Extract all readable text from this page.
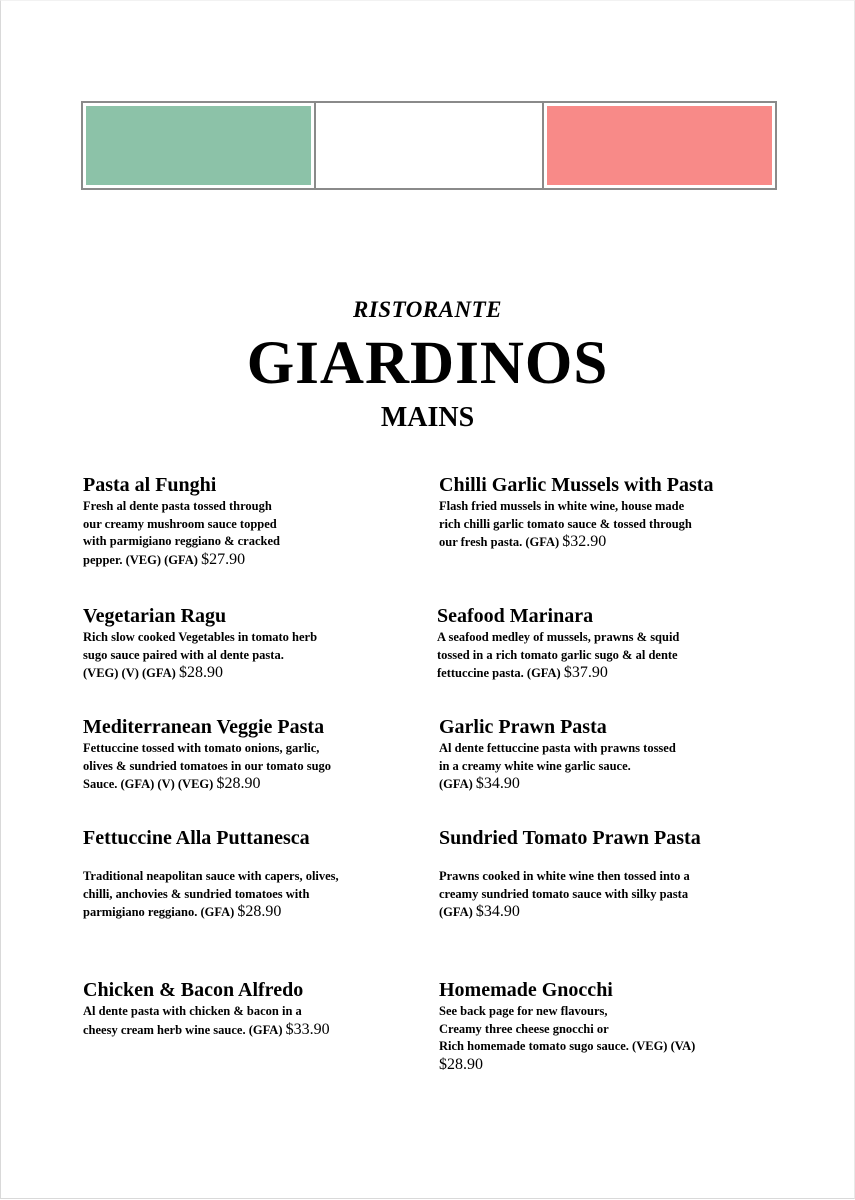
RISTORANTE
GIARDINOS
MAINS
Pasta al Funghi
Fresh al dente pasta tossed through
our creamy mushroom sauce topped
with parmigiano reggiano & cracked
pepper. (VEG) (GFA) $27.90
Chilli Garlic Mussels with Pasta
Flash fried mussels in white wine, house made
rich chilli garlic tomato sauce & tossed through
our fresh pasta. (GFA) $32.90
Vegetarian Ragu
Rich slow cooked Vegetables in tomato herb
sugo sauce paired with al dente pasta.
(VEG) (V) (GFA) $28.90
Seafood Marinara
A seafood medley of mussels, prawns & squid
tossed in a rich tomato garlic sugo & al dente
fettuccine pasta. (GFA) $37.90
Mediterranean Veggie Pasta
Fettuccine tossed with tomato onions, garlic,
olives & sundried tomatoes in our tomato sugo
Sauce. (GFA) (V) (VEG) $28.90
Garlic Prawn Pasta
Al dente fettuccine pasta with prawns tossed
in a creamy white wine garlic sauce.
(GFA) $34.90
Fettuccine Alla Puttanesca
Traditional neapolitan sauce with capers, olives,
chilli, anchovies & sundried tomatoes with
parmigiano reggiano. (GFA) $28.90
Sundried Tomato Prawn Pasta
Prawns cooked in white wine then tossed into a
creamy sundried tomato sauce with silky pasta
(GFA) $34.90
Chicken & Bacon Alfredo
Al dente pasta with chicken & bacon in a
cheesy cream herb wine sauce. (GFA) $33.90
Homemade Gnocchi
See back page for new flavours,
Creamy three cheese gnocchi or
Rich homemade tomato sugo sauce. (VEG) (VA)
$28.90
